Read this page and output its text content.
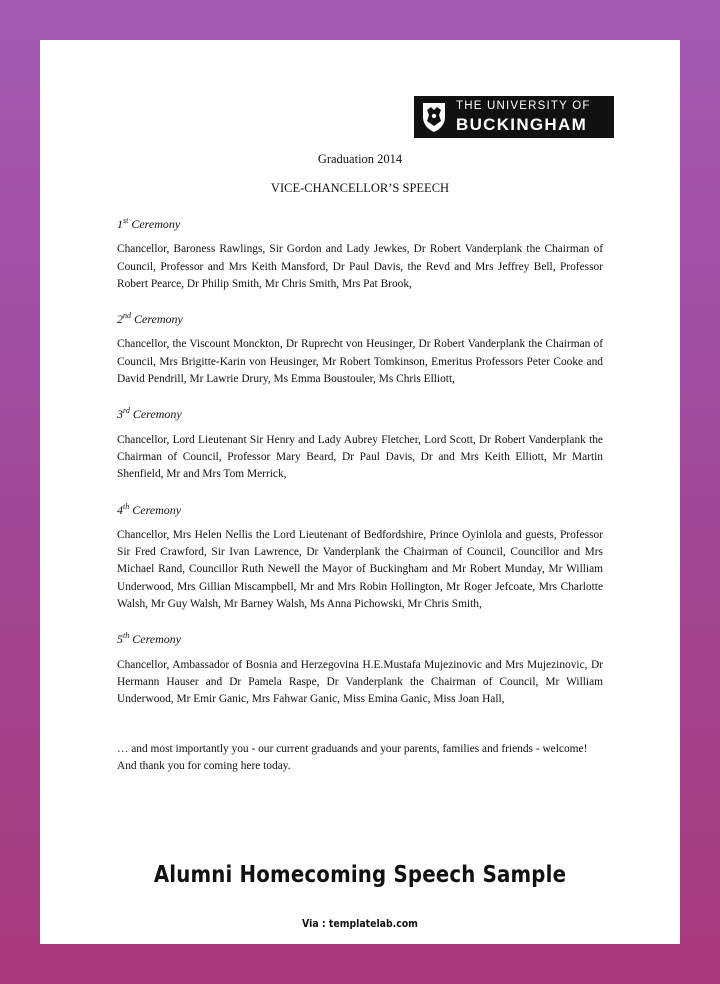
THE UNIVERSITY OF
BUCKINGHAM
Graduation 2014
VICE-CHANCELLOR’S SPEECH
1st Ceremony

Chancellor, Baroness Rawlings, Sir Gordon and Lady Jewkes, Dr Robert Vanderplank the Chairman of Council, Professor and Mrs Keith Mansford, Dr Paul Davis, the Revd and Mrs Jeffrey Bell, Professor Robert Pearce, Dr Philip Smith, Mr Chris Smith, Mrs Pat Brook,

2nd Ceremony

Chancellor, the Viscount Monckton, Dr Ruprecht von Heusinger, Dr Robert Vanderplank the Chairman of Council, Mrs Brigitte-Karin von Heusinger, Mr Robert Tomkinson, Emeritus Professors Peter Cooke and David Pendrill, Mr Lawrie Drury, Ms Emma Boustouler, Ms Chris Elliott,

3rd Ceremony

Chancellor, Lord Lieutenant Sir Henry and Lady Aubrey Fletcher, Lord Scott, Dr Robert Vanderplank the Chairman of Council, Professor Mary Beard, Dr Paul Davis, Dr and Mrs Keith Elliott, Mr Martin Shenfield, Mr and Mrs Tom Merrick,

4th Ceremony

Chancellor, Mrs Helen Nellis the Lord Lieutenant of Bedfordshire, Prince Oyinlola and guests, Professor Sir Fred Crawford, Sir Ivan Lawrence, Dr Vanderplank the Chairman of Council, Councillor and Mrs Michael Rand, Councillor Ruth Newell the Mayor of Buckingham and Mr Robert Munday, Mr William Underwood, Mrs Gillian Miscampbell, Mr and Mrs Robin Hollington, Mr Roger Jefcoate, Mrs Charlotte Walsh, Mr Guy Walsh, Mr Barney Walsh, Ms Anna Pichowski, Mr Chris Smith,

5th Ceremony

Chancellor, Ambassador of Bosnia and Herzegovina H.E.Mustafa Mujezinovic and Mrs Mujezinovic, Dr Hermann Hauser and Dr Pamela Raspe, Dr Vanderplank the Chairman of Council, Mr William Underwood, Mr Emir Ganic, Mrs Fahwar Ganic, Miss Emina Ganic, Miss Joan Hall,

… and most importantly you - our current graduands and your parents, families and friends - welcome! And thank you for coming here today.

Alumni Homecoming Speech Sample
Via : templatelab.com
